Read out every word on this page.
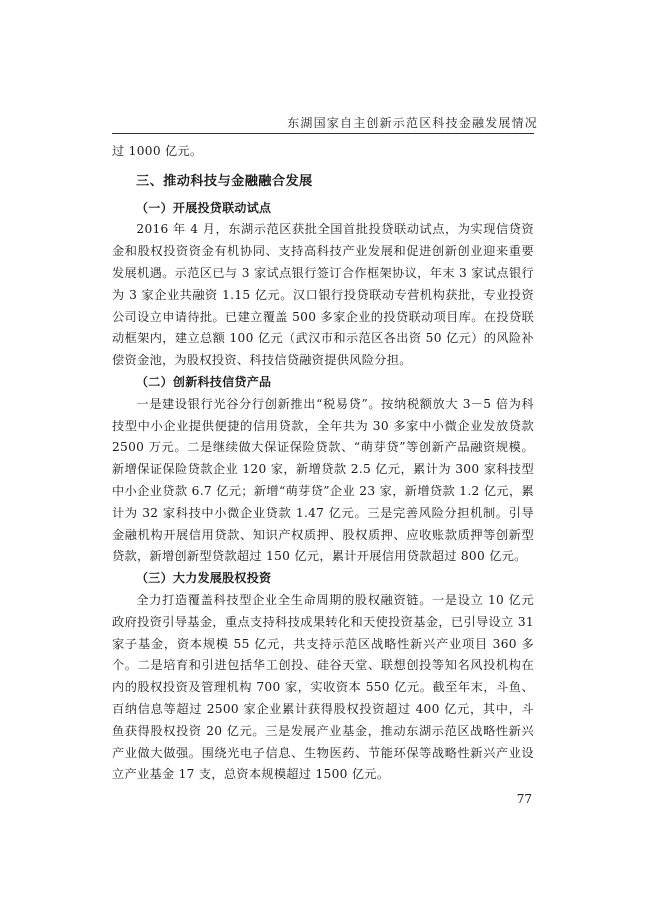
东湖国家自主创新示范区科技金融发展情况

过 1000 亿元。

三、推动科技与金融融合发展

（一）开展投贷联动试点

2016 年 4 月，东湖示范区获批全国首批投贷联动试点，为实现信贷资金和股权投资资金有机协同、支持高科技产业发展和促进创新创业迎来重要发展机遇。示范区已与 3 家试点银行签订合作框架协议，年末 3 家试点银行为 3 家企业共融资 1.15 亿元。汉口银行投贷联动专营机构获批，专业投资公司设立申请待批。已建立覆盖 500 多家企业的投贷联动项目库。在投贷联动框架内，建立总额 100 亿元（武汉市和示范区各出资 50 亿元）的风险补偿资金池，为股权投资、科技信贷融资提供风险分担。

（二）创新科技信贷产品

一是建设银行光谷分行创新推出“税易贷”。按纳税额放大 3－5 倍为科技型中小企业提供便捷的信用贷款，全年共为 30 多家中小微企业发放贷款 2500 万元。二是继续做大保证保险贷款、“萌芽贷”等创新产品融资规模。新增保证保险贷款企业 120 家，新增贷款 2.5 亿元，累计为 300 家科技型中小企业贷款 6.7 亿元；新增“萌芽贷”企业 23 家，新增贷款 1.2 亿元，累计为 32 家科技中小微企业贷款 1.47 亿元。三是完善风险分担机制。引导金融机构开展信用贷款、知识产权质押、股权质押、应收账款质押等创新型贷款，新增创新型贷款超过 150 亿元，累计开展信用贷款超过 800 亿元。

（三）大力发展股权投资

全力打造覆盖科技型企业全生命周期的股权融资链。一是设立 10 亿元政府投资引导基金，重点支持科技成果转化和天使投资基金，已引导设立 31 家子基金，资本规模 55 亿元，共支持示范区战略性新兴产业项目 360 多个。二是培育和引进包括华工创投、硅谷天堂、联想创投等知名风投机构在内的股权投资及管理机构 700 家，实收资本 550 亿元。截至年末，斗鱼、百纳信息等超过 2500 家企业累计获得股权投资超过 400 亿元，其中，斗鱼获得股权投资 20 亿元。三是发展产业基金，推动东湖示范区战略性新兴产业做大做强。围绕光电子信息、生物医药、节能环保等战略性新兴产业设立产业基金 17 支，总资本规模超过 1500 亿元。

77
